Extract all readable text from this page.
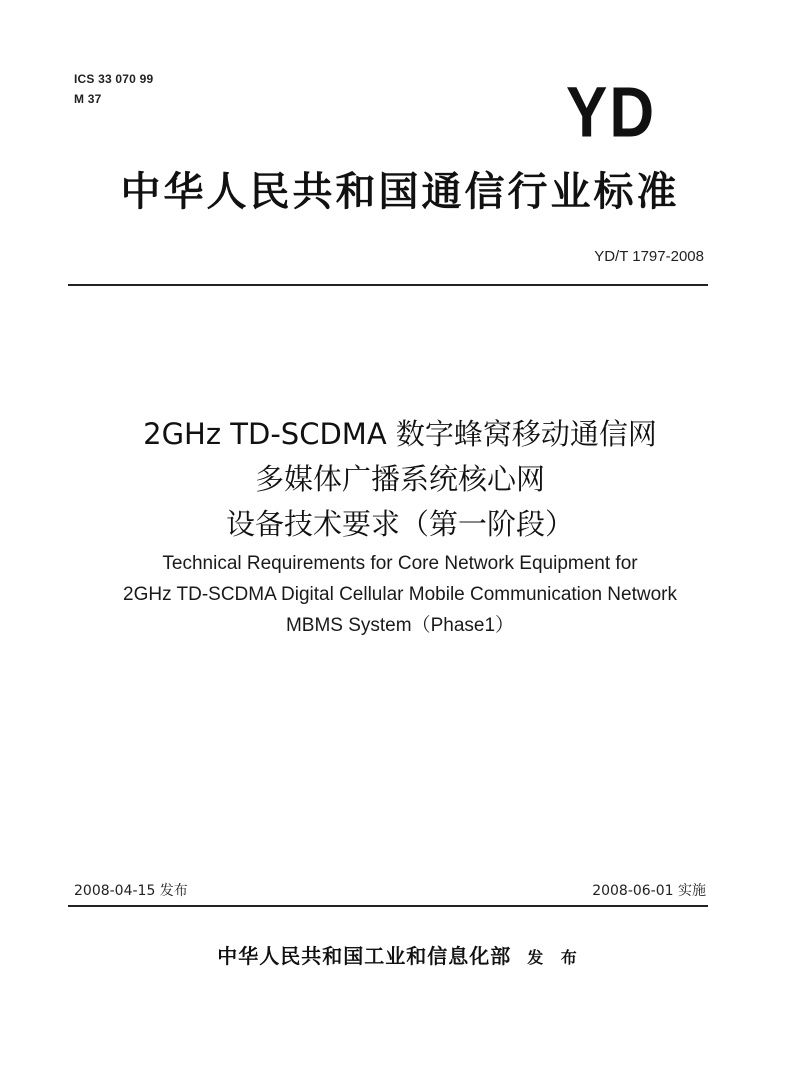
ICS 33 070 99
M 37	YD
中华人民共和国通信行业标准
YD/T 1797-2008
2GHz TD-SCDMA 数字蜂窝移动通信网
多媒体广播系统核心网
设备技术要求（第一阶段）
Technical Requirements for Core Network Equipment for
2GHz TD-SCDMA Digital Cellular Mobile Communication Network
MBMS System（Phase1）
2008-04-15 发布	2008-06-01 实施
中华人民共和国工业和信息化部 发 布
